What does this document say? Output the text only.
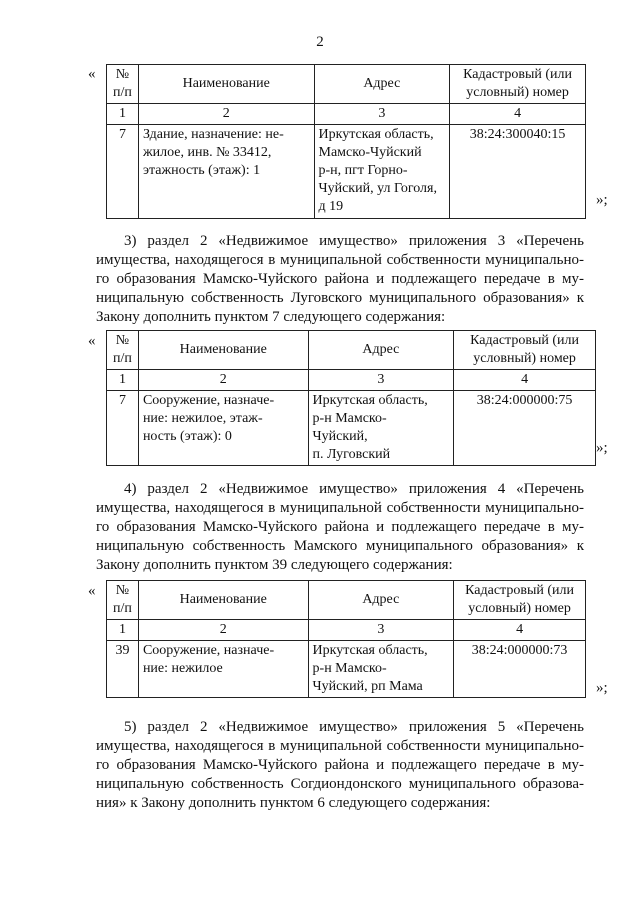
2
« №
п/п	Наименование	Адрес	Кадастровый (или
условный) номер
1	2	3	4
7	Здание, назначение: не-
жилое, инв. № 33412,
этажность (этаж): 1	Иркутская область,
Мамско-Чуйский
р-н, пгт Горно-
Чуйский, ул Гоголя,
д 19	38:24:300040:15
»;
3) раздел 2 «Недвижимое имущество» приложения 3 «Перечень
имущества, находящегося в муниципальной собственности муниципально-
го образования Мамско-Чуйского района и подлежащего передаче в му-
ниципальную собственность Луговского муниципального образования» к
Закону дополнить пунктом 7 следующего содержания:
« №
п/п	Наименование	Адрес	Кадастровый (или
условный) номер
1	2	3	4
7	Сооружение, назначе-
ние: нежилое, этаж-
ность (этаж): 0	Иркутская область,
р-н Мамско-
Чуйский,
п. Луговский	38:24:000000:75
»;
4) раздел 2 «Недвижимое имущество» приложения 4 «Перечень
имущества, находящегося в муниципальной собственности муниципально-
го образования Мамско-Чуйского района и подлежащего передаче в му-
ниципальную собственность Мамского муниципального образования» к
Закону дополнить пунктом 39 следующего содержания:
« №
п/п	Наименование	Адрес	Кадастровый (или
условный) номер
1	2	3	4
39	Сооружение, назначе-
ние: нежилое	Иркутская область,
р-н Мамско-
Чуйский, рп Мама	38:24:000000:73
»;
5) раздел 2 «Недвижимое имущество» приложения 5 «Перечень
имущества, находящегося в муниципальной собственности муниципально-
го образования Мамско-Чуйского района и подлежащего передаче в му-
ниципальную собственность Согдиондонского муниципального образова-
ния» к Закону дополнить пунктом 6 следующего содержания:
